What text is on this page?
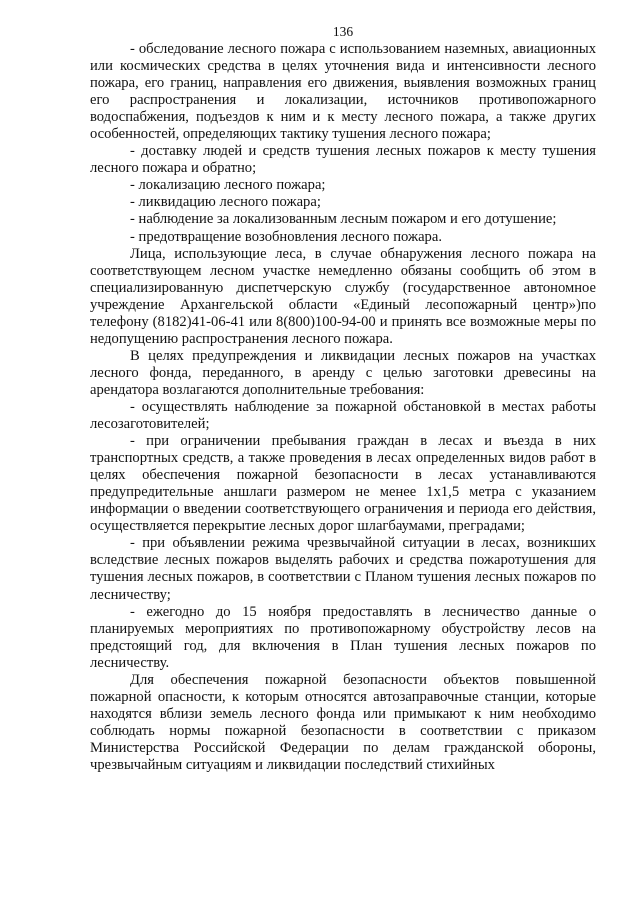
136

- обследование лесного пожара с использованием наземных, авиационных или космических средства в целях уточнения вида и интенсивности лесного пожара, его границ, направления его движения, выявления возможных границ его распространения и локализации, источников противопожарного водоспабжения, подъездов к ним и к месту лесного пожара, а также других особенностей, определяющих тактику тушения лесного пожара;

- доставку людей и средств тушения лесных пожаров к месту тушения лесного пожара и обратно;

- локализацию лесного пожара;

- ликвидацию лесного пожара;

- наблюдение за локализованным лесным пожаром и его дотушение;

- предотвращение возобновления лесного пожара.

Лица, использующие леса, в случае обнаружения лесного пожара на соответствующем лесном участке немедленно обязаны сообщить об этом в специализированную диспетчерскую службу (государственное автономное учреждение Архангельской области «Единый лесопожарный центр»)по телефону (8182)41-06-41 или 8(800)100-94-00 и принять все возможные меры по недопущению распространения лесного пожара.

В целях предупреждения и ликвидации лесных пожаров на участках лесного фонда, переданного, в аренду с целью заготовки древесины на арендатора возлагаются дополнительные требования:

- осуществлять наблюдение за пожарной обстановкой в местах работы лесозаготовителей;

- при ограничении пребывания граждан в лесах и въезда в них транспортных средств, а также проведения в лесах определенных видов работ в целях обеспечения пожарной безопасности в лесах устанавливаются предупредительные аншлаги размером не менее 1х1,5 метра с указанием информации о введении соответствующего ограничения и периода его действия, осуществляется перекрытие лесных дорог шлагбаумами, преградами;

- при объявлении режима чрезвычайной ситуации в лесах, возникших вследствие лесных пожаров выделять рабочих и средства пожаротушения для тушения лесных пожаров, в соответствии с Планом тушения лесных пожаров по лесничеству;

- ежегодно до 15 ноября предоставлять в лесничество данные о планируемых мероприятиях по противопожарному обустройству лесов на предстоящий год, для включения в План тушения лесных пожаров по лесничеству.

Для обеспечения пожарной безопасности объектов повышенной пожарной опасности, к которым относятся автозаправочные станции, которые находятся вблизи земель лесного фонда или примыкают к ним необходимо соблюдать нормы пожарной безопасности в соответствии с приказом Министерства Российской Федерации по делам гражданской обороны, чрезвычайным ситуациям и ликвидации последствий стихийных
